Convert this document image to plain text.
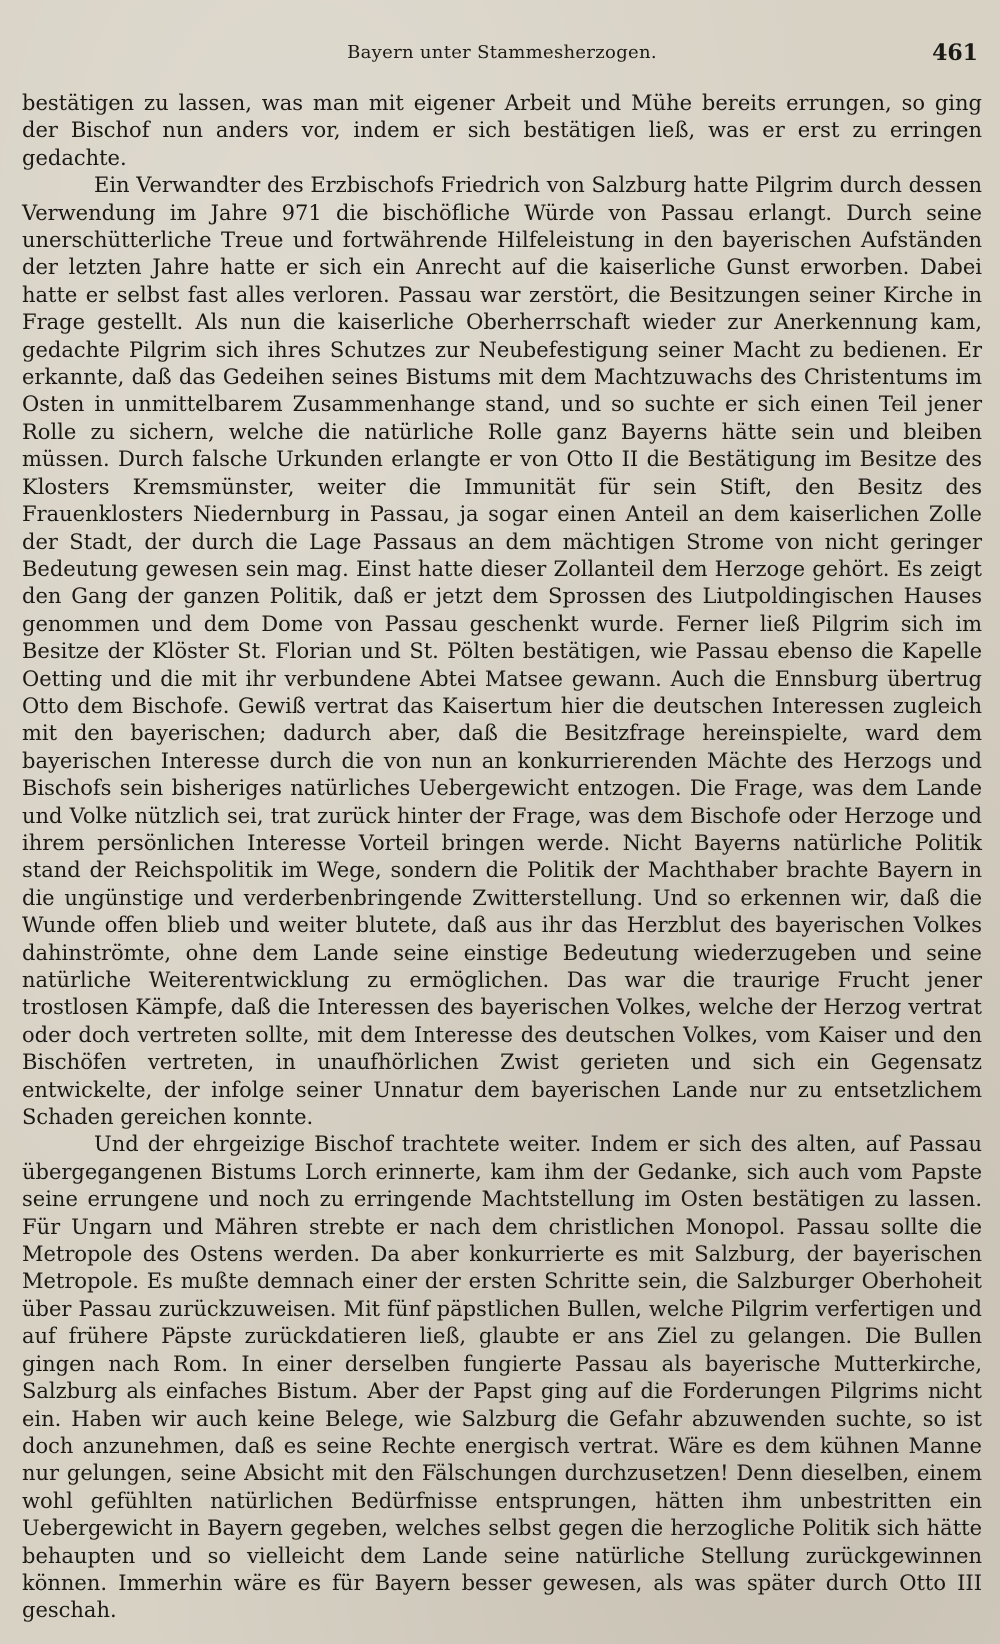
Bayern unter Stammesherzogen.	461

bestätigen zu lassen, was man mit eigener Arbeit und Mühe bereits errungen, so ging der Bischof nun anders vor, indem er sich bestätigen ließ, was er erst zu erringen gedachte.

Ein Verwandter des Erzbischofs Friedrich von Salzburg hatte Pilgrim durch dessen Verwendung im Jahre 971 die bischöfliche Würde von Passau erlangt. Durch seine unerschütterliche Treue und fortwährende Hilfeleistung in den bayerischen Aufständen der letzten Jahre hatte er sich ein Anrecht auf die kaiserliche Gunst erworben. Dabei hatte er selbst fast alles verloren. Passau war zerstört, die Besitzungen seiner Kirche in Frage gestellt. Als nun die kaiserliche Oberherrschaft wieder zur Anerkennung kam, gedachte Pilgrim sich ihres Schutzes zur Neubefestigung seiner Macht zu bedienen. Er erkannte, daß das Gedeihen seines Bistums mit dem Machtzuwachs des Christentums im Osten in unmittelbarem Zusammenhange stand, und so suchte er sich einen Teil jener Rolle zu sichern, welche die natürliche Rolle ganz Bayerns hätte sein und bleiben müssen. Durch falsche Urkunden erlangte er von Otto II die Bestätigung im Besitze des Klosters Kremsmünster, weiter die Immunität für sein Stift, den Besitz des Frauenklosters Niedernburg in Passau, ja sogar einen Anteil an dem kaiserlichen Zolle der Stadt, der durch die Lage Passaus an dem mächtigen Strome von nicht geringer Bedeutung gewesen sein mag. Einst hatte dieser Zollanteil dem Herzoge gehört. Es zeigt den Gang der ganzen Politik, daß er jetzt dem Sprossen des Liutpoldingischen Hauses genommen und dem Dome von Passau geschenkt wurde. Ferner ließ Pilgrim sich im Besitze der Klöster St. Florian und St. Pölten bestätigen, wie Passau ebenso die Kapelle Oetting und die mit ihr verbundene Abtei Matsee gewann. Auch die Ennsburg übertrug Otto dem Bischofe. Gewiß vertrat das Kaisertum hier die deutschen Interessen zugleich mit den bayerischen; dadurch aber, daß die Besitzfrage hereinspielte, ward dem bayerischen Interesse durch die von nun an konkurrierenden Mächte des Herzogs und Bischofs sein bisheriges natürliches Uebergewicht entzogen. Die Frage, was dem Lande und Volke nützlich sei, trat zurück hinter der Frage, was dem Bischofe oder Herzoge und ihrem persönlichen Interesse Vorteil bringen werde. Nicht Bayerns natürliche Politik stand der Reichspolitik im Wege, sondern die Politik der Machthaber brachte Bayern in die ungünstige und verderbenbringende Zwitterstellung. Und so erkennen wir, daß die Wunde offen blieb und weiter blutete, daß aus ihr das Herzblut des bayerischen Volkes dahinströmte, ohne dem Lande seine einstige Bedeutung wiederzugeben und seine natürliche Weiterentwicklung zu ermöglichen. Das war die traurige Frucht jener trostlosen Kämpfe, daß die Interessen des bayerischen Volkes, welche der Herzog vertrat oder doch vertreten sollte, mit dem Interesse des deutschen Volkes, vom Kaiser und den Bischöfen vertreten, in unaufhörlichen Zwist gerieten und sich ein Gegensatz entwickelte, der infolge seiner Unnatur dem bayerischen Lande nur zu entsetzlichem Schaden gereichen konnte.

Und der ehrgeizige Bischof trachtete weiter. Indem er sich des alten, auf Passau übergegangenen Bistums Lorch erinnerte, kam ihm der Gedanke, sich auch vom Papste seine errungene und noch zu erringende Machtstellung im Osten bestätigen zu lassen. Für Ungarn und Mähren strebte er nach dem christlichen Monopol. Passau sollte die Metropole des Ostens werden. Da aber konkurrierte es mit Salzburg, der bayerischen Metropole. Es mußte demnach einer der ersten Schritte sein, die Salzburger Oberhoheit über Passau zurückzuweisen. Mit fünf päpstlichen Bullen, welche Pilgrim verfertigen und auf frühere Päpste zurückdatieren ließ, glaubte er ans Ziel zu gelangen. Die Bullen gingen nach Rom. In einer derselben fungierte Passau als bayerische Mutterkirche, Salzburg als einfaches Bistum. Aber der Papst ging auf die Forderungen Pilgrims nicht ein. Haben wir auch keine Belege, wie Salzburg die Gefahr abzuwenden suchte, so ist doch anzunehmen, daß es seine Rechte energisch vertrat. Wäre es dem kühnen Manne nur gelungen, seine Absicht mit den Fälschungen durchzusetzen! Denn dieselben, einem wohl gefühlten natürlichen Bedürfnisse entsprungen, hätten ihm unbestritten ein Uebergewicht in Bayern gegeben, welches selbst gegen die herzogliche Politik sich hätte behaupten und so vielleicht dem Lande seine natürliche Stellung zurückgewinnen können. Immerhin wäre es für Bayern besser gewesen, als was später durch Otto III geschah.
